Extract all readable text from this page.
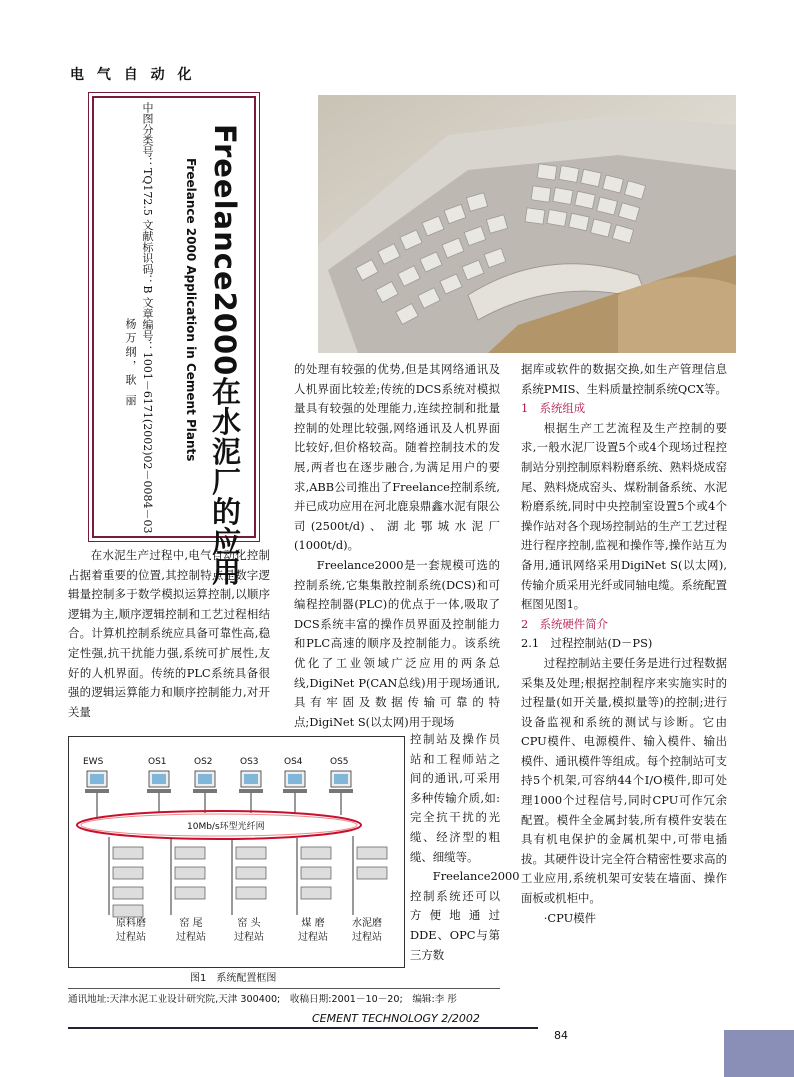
电 气 自 动 化
中图分类号：TQ172.5 文献标识码：B 文章编号：1001－6171(2002)02－0084－03
杨万纲，耿 丽	Freelance 2000 Application in Cement Plants Freelance2000在水泥厂的应用

在水泥生产过程中,电气自动化控制占据着重要的位置,其控制特点是数字逻辑量控制多于数学模拟运算控制,以顺序逻辑为主,顺序逻辑控制和工艺过程相结合。计算机控制系统应具备可靠性高,稳定性强,抗干扰能力强,系统可扩展性,友好的人机界面。传统的PLC系统具备很强的逻辑运算能力和顺序控制能力,对开关量

的处理有较强的优势,但是其网络通讯及人机界面比较差;传统的DCS系统对模拟量具有较强的处理能力,连续控制和批量控制的处理比较强,网络通讯及人机界面比较好,但价格较高。随着控制技术的发展,两者也在逐步融合,为满足用户的要求,ABB公司推出了Freelance控制系统,并已成功应用在河北鹿泉鼎鑫水泥有限公司(2500t/d)、湖北鄂城水泥厂(1000t/d)。

Freelance2000是一套规模可选的控制系统,它集集散控制系统(DCS)和可编程控制器(PLC)的优点于一体,吸取了DCS系统丰富的操作员界面及控制能力和PLC高速的顺序及控制能力。该系统优化了工业领域广泛应用的两条总线,DigiNet P(CAN总线)用于现场通讯,具有牢固及数据传输可靠的特点;DigiNet S(以太网)用于现场

控制站及操作员站和工程师站之间的通讯,可采用多种传输介质,如:完全抗干扰的光缆、经济型的粗缆、细缆等。

Freelance2000控制系统还可以方便地通过DDE、OPC与第三方数

据库或软件的数据交换,如生产管理信息系统PMIS、生料质量控制系统QCX等。

1　系统组成

根据生产工艺流程及生产控制的要求,一般水泥厂设置5个或4个现场过程控制站分别控制原料粉磨系统、熟料烧成窑尾、熟料烧成窑头、煤粉制备系统、水泥粉磨系统,同时中央控制室设置5个或4个操作站对各个现场控制站的生产工艺过程进行程序控制,监视和操作等,操作站互为备用,通讯网络采用DigiNet S(以太网),传输介质采用光纤或同轴电缆。系统配置框图见图1。

2　系统硬件简介

2.1　过程控制站(D－PS)

过程控制站主要任务是进行过程数据采集及处理;根据控制程序来实施实时的过程量(如开关量,模拟量等)的控制;进行设备监视和系统的测试与诊断。它由CPU模件、电源模件、输入模件、输出模件、通讯模件等组成。每个控制站可支持5个机架,可容纳44个I/O模件,即可处理1000个过程信号,同时CPU可作冗余配置。模件全金属封装,所有模件安装在具有机电保护的金属机架中,可带电插拔。其硬件设计完全符合精密性要求高的工业应用,系统机架可安装在墙面、操作面板或机柜中。

·CPU模件

EWS	OS1	OS2	OS3	OS4	OS5
10Mb/s环型光纤网
原料磨
过程站
窑 尾
过程站
窑 头
过程站
煤 磨
过程站
水泥磨
过程站
图1　系统配置框图
通讯地址:天津水泥工业设计研究院,天津 300400;　收稿日期:2001－10－20;　编辑:李 彤
CEMENT TECHNOLOGY 2/2002
84
